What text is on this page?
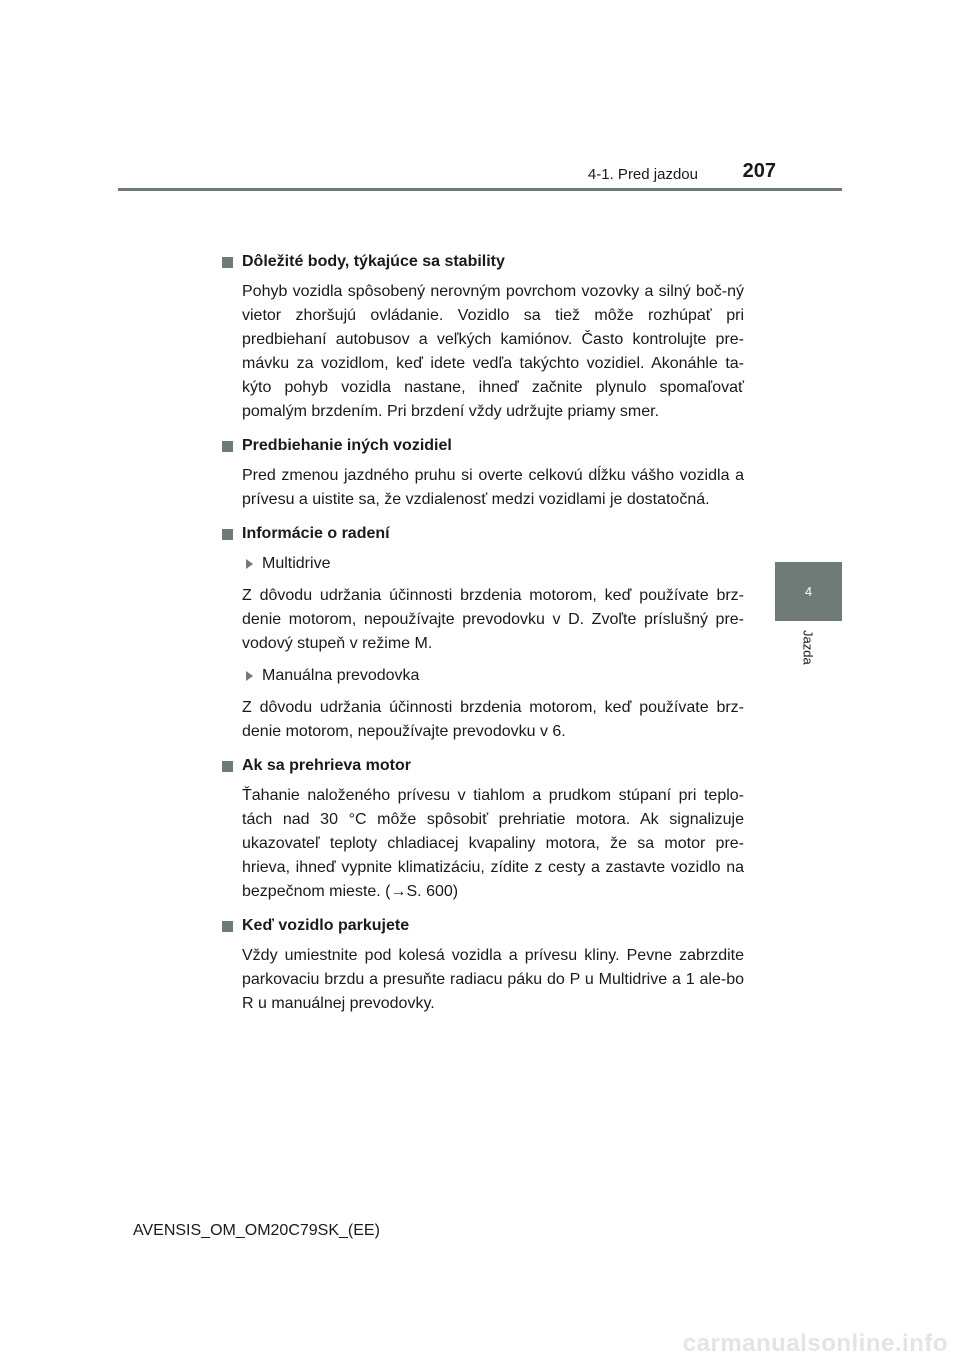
4-1. Pred jazdou	207
4
Jazda
Dôležité body, týkajúce sa stability

Pohyb vozidla spôsobený nerovným povrchom vozovky a silný boč-ný vietor zhoršujú ovládanie. Vozidlo sa tiež môže rozhúpať pri predbiehaní autobusov a veľkých kamiónov. Často kontrolujte pre-mávku za vozidlom, keď idete vedľa takýchto vozidiel. Akonáhle ta-kýto pohyb vozidla nastane, ihneď začnite plynulo spomaľovať pomalým brzdením. Pri brzdení vždy udržujte priamy smer.

Predbiehanie iných vozidiel

Pred zmenou jazdného pruhu si overte celkovú dĺžku vášho vozidla a prívesu a uistite sa, že vzdialenosť medzi vozidlami je dostatočná.

Informácie o radení
Multidrive

Z dôvodu udržania účinnosti brzdenia motorom, keď používate brz-denie motorom, nepoužívajte prevodovku v D. Zvoľte príslušný pre-vodový stupeň v režime M.

Manuálna prevodovka

Z dôvodu udržania účinnosti brzdenia motorom, keď používate brz-denie motorom, nepoužívajte prevodovku v 6.

Ak sa prehrieva motor

Ťahanie naloženého prívesu v tiahlom a prudkom stúpaní pri teplo-tách nad 30 °C môže spôsobiť prehriatie motora. Ak signalizuje ukazovateľ teploty chladiacej kvapaliny motora, že sa motor pre-hrieva, ihneď vypnite klimatizáciu, zídite z cesty a zastavte vozidlo na bezpečnom mieste. (→S. 600)

Keď vozidlo parkujete

Vždy umiestnite pod kolesá vozidla a prívesu kliny. Pevne zabrzdite parkovaciu brzdu a presuňte radiacu páku do P u Multidrive a 1 ale-bo R u manuálnej prevodovky.

AVENSIS_OM_OM20C79SK_(EE)
carmanualsonline.info
